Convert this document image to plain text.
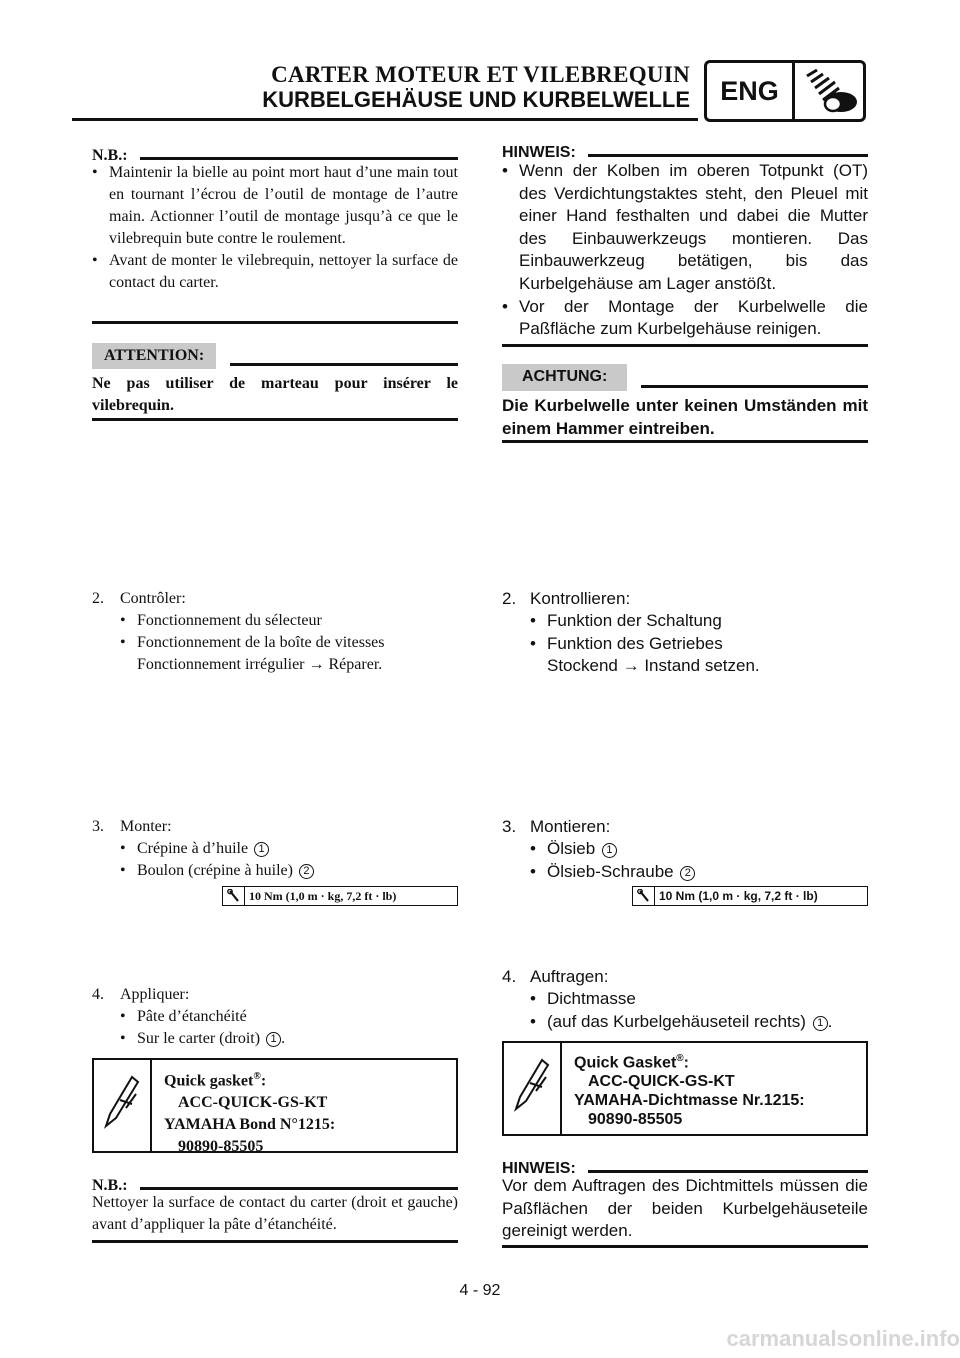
CARTER MOTEUR ET VILEBREQUIN
KURBELGEHÄUSE UND KURBELWELLE	ENG
N.B.:
• Maintenir la bielle au point mort haut d’une main tout en tournant l’écrou de l’outil de montage de l’autre main. Actionner l’outil de montage jusqu’à ce que le vilebrequin bute contre le roulement.
• Avant de monter le vilebrequin, nettoyer la surface de contact du carter.
ATTENTION:
Ne pas utiliser de marteau pour insérer le vilebrequin.
2. Contrôler:
• Fonctionnement du sélecteur
• Fonctionnement de la boîte de vitesses
Fonctionnement irrégulier → Réparer.
3. Monter:
• Crépine à d’huile 1
• Boulon (crépine à huile) 2
10 Nm (1,0 m · kg, 7,2 ft · lb)
4. Appliquer:
• Pâte d’étanchéité
• Sur le carter (droit) 1 .
Quick gasket®:
ACC-QUICK-GS-KT
YAMAHA Bond N°1215:
90890-85505
N.B.:
Nettoyer la surface de contact du carter (droit et gauche) avant d’appliquer la pâte d’étanchéité.
HINWEIS:
• Wenn der Kolben im oberen Totpunkt (OT) des Verdichtungstaktes steht, den Pleuel mit einer Hand festhalten und dabei die Mutter des Einbauwerkzeugs montieren. Das Einbauwerkzeug betätigen, bis das Kurbelgehäuse am Lager anstößt.
• Vor der Montage der Kurbelwelle die Paßfläche zum Kurbelgehäuse reinigen.
ACHTUNG:
Die Kurbelwelle unter keinen Umständen mit einem Hammer eintreiben.
2. Kontrollieren:
• Funktion der Schaltung
• Funktion des Getriebes
Stockend → Instand setzen.
3. Montieren:
• Ölsieb 1
• Ölsieb-Schraube 2
10 Nm (1,0 m · kg, 7,2 ft · lb)
4. Auftragen:
• Dichtmasse
• (auf das Kurbelgehäuseteil rechts) 1 .
Quick Gasket®:
ACC-QUICK-GS-KT
YAMAHA-Dichtmasse Nr.1215:
90890-85505
HINWEIS:
Vor dem Auftragen des Dichtmittels müssen die Paßflächen der beiden Kurbelgehäuseteile gereinigt werden.
4 - 92
carmanualsonline.info
